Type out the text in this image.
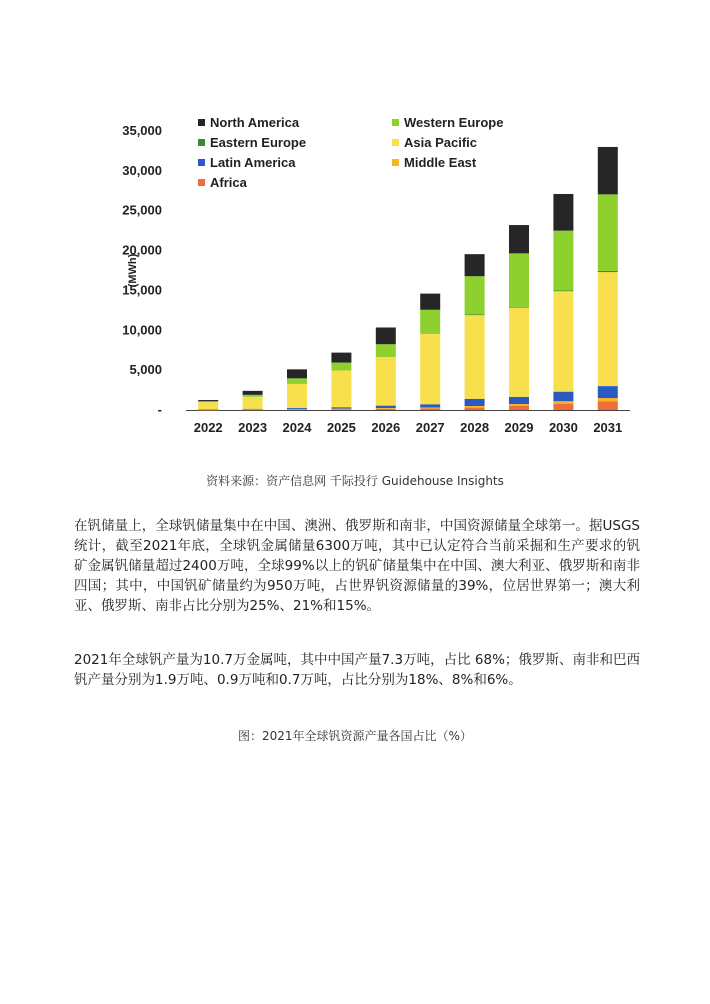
(MWh)
-
5,000
10,000
15,000
20,000
25,000
30,000
35,000
2022 2023 2024 2025 2026 2027 2028 2029 2030 2031
North America	Western Europe
Eastern Europe	Asia Pacific
Latin America	Middle East
Africa
资料来源：资产信息网 千际投行 Guidehouse Insights

在钒储量上，全球钒储量集中在中国、澳洲、俄罗斯和南非，中国资源储量全球第一。据USGS统计，截至2021年底，全球钒金属储量6300万吨，其中已认定符合当前采掘和生产要求的钒矿金属钒储量超过2400万吨，全球99%以上的钒矿储量集中在中国、澳大利亚、俄罗斯和南非四国；其中，中国钒矿储量约为950万吨，占世界钒资源储量的39%，位居世界第一；澳大利亚、俄罗斯、南非占比分别为25%、21%和15%。

2021年全球钒产量为10.7万金属吨，其中中国产量7.3万吨，占比 68%；俄罗斯、南非和巴西钒产量分别为1.9万吨、0.9万吨和0.7万吨，占比分别为18%、8%和6%。

图：2021年全球钒资源产量各国占比（%）
